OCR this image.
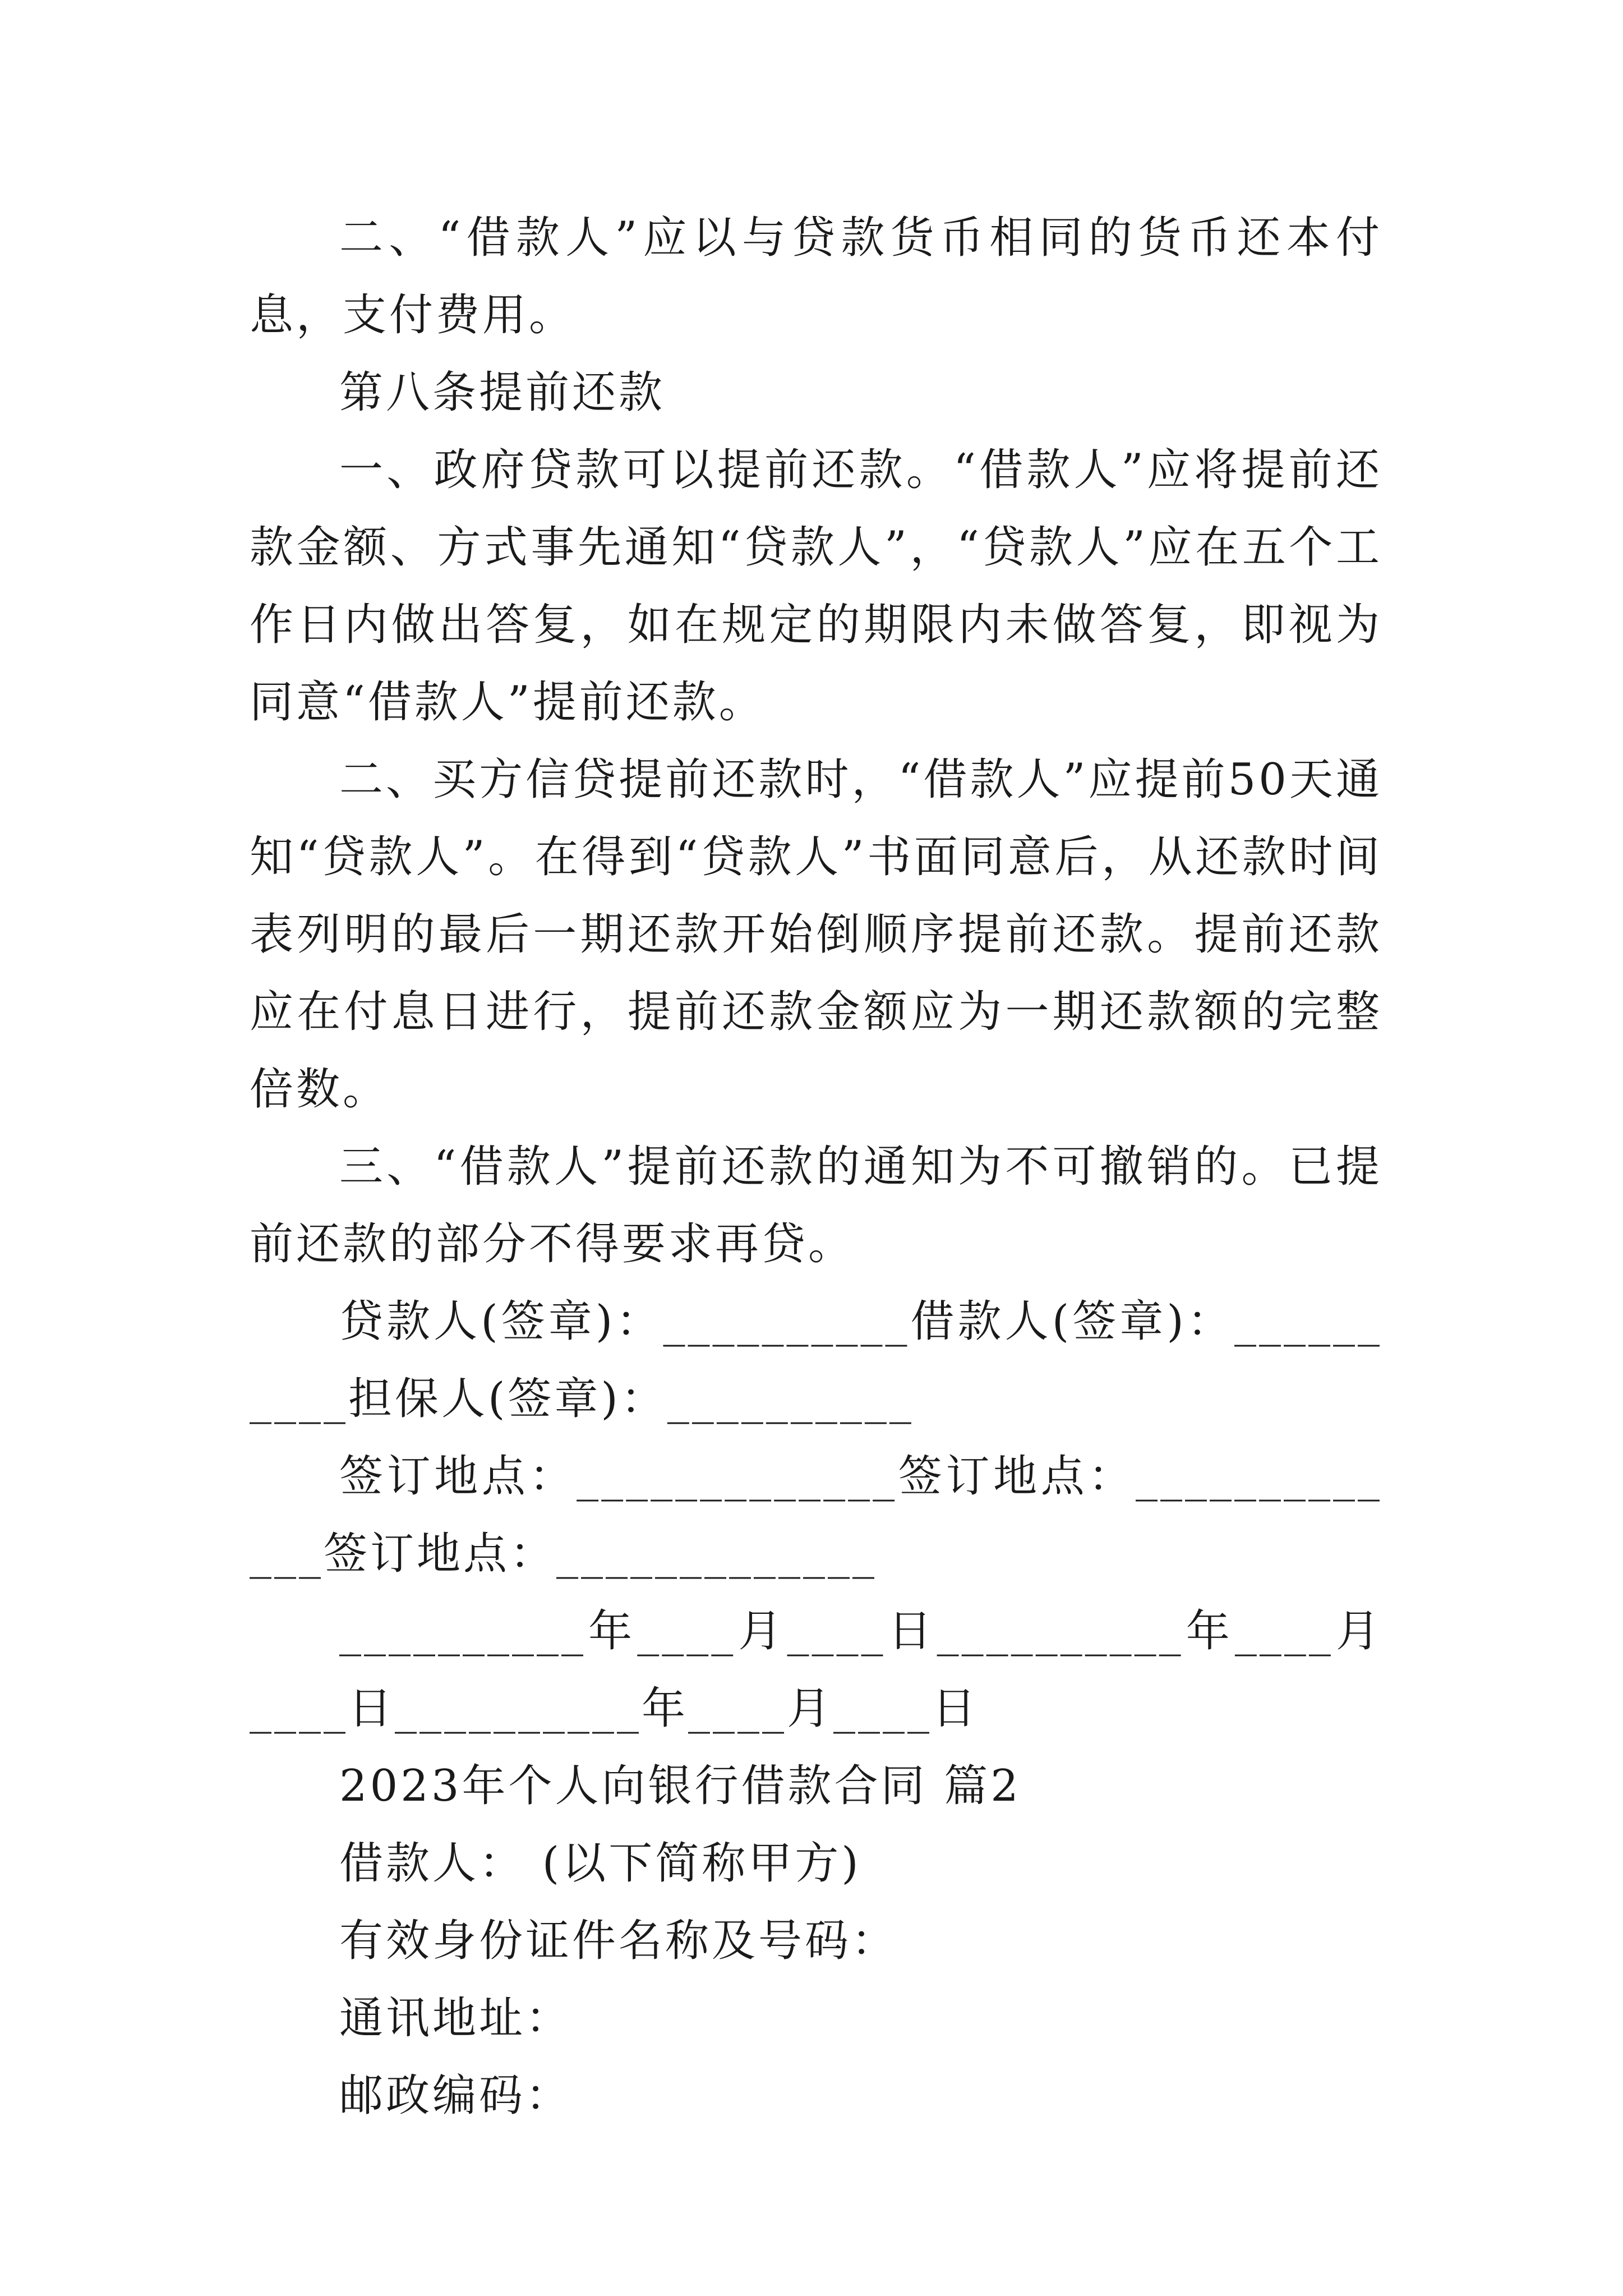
二、“借款人”应以与贷款货币相同的货币还本付息，支付费用。

第八条提前还款

一、政府贷款可以提前还款。“借款人”应将提前还款金额、方式事先通知“贷款人”，“贷款人”应在五个工作日内做出答复，如在规定的期限内未做答复，即视为同意“借款人”提前还款。

二、买方信贷提前还款时，“借款人”应提前50天通知“贷款人”。在得到“贷款人”书面同意后，从还款时间表列明的最后一期还款开始倒顺序提前还款。提前还款应在付息日进行，提前还款金额应为一期还款额的完整倍数。

三、“借款人”提前还款的通知为不可撤销的。已提前还款的部分不得要求再贷。

贷款人(签章)：__________借款人(签章)：__________担保人(签章)：__________

签订地点：_____________签订地点：_____________签订地点：_____________

__________年____月____日__________年____月____日__________年____月____日

2023年个人向银行借款合同 篇2

借款人： (以下简称甲方)

有效身份证件名称及号码：

通讯地址：

邮政编码：
